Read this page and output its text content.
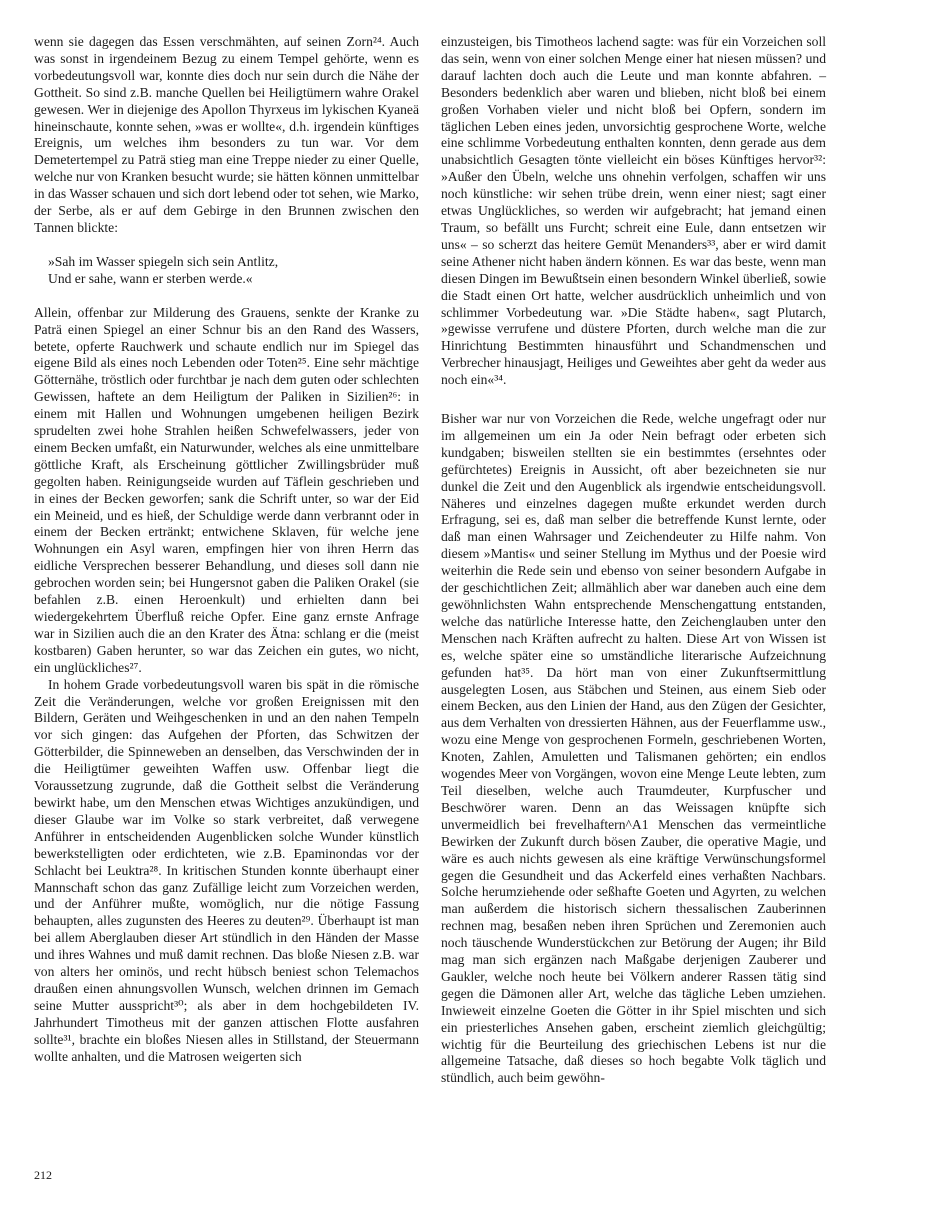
wenn sie dagegen das Essen verschmähten, auf seinen Zorn²⁴. Auch was sonst in irgendeinem Bezug zu einem Tempel gehörte, wenn es vorbedeutungsvoll war, konnte dies doch nur sein durch die Nähe der Gottheit. So sind z.B. manche Quellen bei Heiligtümern wahre Orakel gewesen. Wer in diejenige des Apollon Thyrxeus im lykischen Kyaneä hineinschaute, konnte sehen, »was er wollte«, d.h. irgendein künftiges Ereignis, um welches ihm besonders zu tun war. Vor dem Demetertempel zu Paträ stieg man eine Treppe nieder zu einer Quelle, welche nur von Kranken besucht wurde; sie hätten können unmittelbar in das Wasser schauen und sich dort lebend oder tot sehen, wie Marko, der Serbe, als er auf dem Gebirge in den Brunnen zwischen den Tannen blickte:

»Sah im Wasser spiegeln sich sein Antlitz,
Und er sahe, wann er sterben werde.«

Allein, offenbar zur Milderung des Grauens, senkte der Kranke zu Paträ einen Spiegel an einer Schnur bis an den Rand des Wassers, betete, opferte Rauchwerk und schaute endlich nur im Spiegel das eigene Bild als eines noch Lebenden oder Toten²⁵. Eine sehr mächtige Götternähe, tröstlich oder furchtbar je nach dem guten oder schlechten Gewissen, haftete an dem Heiligtum der Paliken in Sizilien²⁶: in einem mit Hallen und Wohnungen umgebenen heiligen Bezirk sprudelten zwei hohe Strahlen heißen Schwefelwassers, jeder von einem Becken umfaßt, ein Naturwunder, welches als eine unmittelbare göttliche Kraft, als Erscheinung göttlicher Zwillingsbrüder muß gegolten haben. Reinigungseide wurden auf Täflein geschrieben und in eines der Becken geworfen; sank die Schrift unter, so war der Eid ein Meineid, und es hieß, der Schuldige werde dann verbrannt oder in einem der Becken ertränkt; entwichene Sklaven, für welche jene Wohnungen ein Asyl waren, empfingen hier von ihren Herrn das eidliche Versprechen besserer Behandlung, und dieses soll dann nie gebrochen worden sein; bei Hungersnot gaben die Paliken Orakel (sie befahlen z.B. einen Heroenkult) und erhielten dann bei wiedergekehrtem Überfluß reiche Opfer. Eine ganz ernste Anfrage war in Sizilien auch die an den Krater des Ätna: schlang er die (meist kostbaren) Gaben herunter, so war das Zeichen ein gutes, wo nicht, ein unglückliches²⁷.

In hohem Grade vorbedeutungsvoll waren bis spät in die römische Zeit die Veränderungen, welche vor großen Ereignissen mit den Bildern, Geräten und Weihgeschenken in und an den nahen Tempeln vor sich gingen: das Aufgehen der Pforten, das Schwitzen der Götterbilder, die Spinneweben an denselben, das Verschwinden der in die Heiligtümer geweihten Waffen usw. Offenbar liegt die Voraussetzung zugrunde, daß die Gottheit selbst die Veränderung bewirkt habe, um den Menschen etwas Wichtiges anzukündigen, und dieser Glaube war im Volke so stark verbreitet, daß verwegene Anführer in entscheidenden Augenblicken solche Wunder künstlich bewerkstelligten oder erdichteten, wie z.B. Epaminondas vor der Schlacht bei Leuktra²⁸. In kritischen Stunden konnte überhaupt einer Mannschaft schon das ganz Zufällige leicht zum Vorzeichen werden, und der Anführer mußte, womöglich, nur die nötige Fassung behaupten, alles zugunsten des Heeres zu deuten²⁹. Überhaupt ist man bei allem Aberglauben dieser Art stündlich in den Händen der Masse und ihres Wahnes und muß damit rechnen. Das bloße Niesen z.B. war von alters her ominös, und recht hübsch beniest schon Telemachos draußen einen ahnungsvollen Wunsch, welchen drinnen im Gemach seine Mutter ausspricht³⁰; als aber in dem hochgebildeten IV. Jahrhundert Timotheus mit der ganzen attischen Flotte ausfahren sollte³¹, brachte ein bloßes Niesen alles in Stillstand, der Steuermann wollte anhalten, und die Matrosen weigerten sich

einzusteigen, bis Timotheos lachend sagte: was für ein Vorzeichen soll das sein, wenn von einer solchen Menge einer hat niesen müssen? und darauf lachten doch auch die Leute und man konnte abfahren. – Besonders bedenklich aber waren und blieben, nicht bloß bei einem großen Vorhaben vieler und nicht bloß bei Opfern, sondern im täglichen Leben eines jeden, unvorsichtig gesprochene Worte, welche eine schlimme Vorbedeutung enthalten konnten, denn gerade aus dem unabsichtlich Gesagten tönte vielleicht ein böses Künftiges hervor³²: »Außer den Übeln, welche uns ohnehin verfolgen, schaffen wir uns noch künstliche: wir sehen trübe drein, wenn einer niest; sagt einer etwas Unglückliches, so werden wir aufgebracht; hat jemand einen Traum, so befällt uns Furcht; schreit eine Eule, dann entsetzen wir uns« – so scherzt das heitere Gemüt Menanders³³, aber er wird damit seine Athener nicht haben ändern können. Es war das beste, wenn man diesen Dingen im Bewußtsein einen besondern Winkel überließ, sowie die Stadt einen Ort hatte, welcher ausdrücklich unheimlich und von schlimmer Vorbedeutung war. »Die Städte haben«, sagt Plutarch, »gewisse verrufene und düstere Pforten, durch welche man die zur Hinrichtung Bestimmten hinausführt und Schandmenschen und Verbrecher hinausjagt, Heiliges und Geweihtes aber geht da weder aus noch ein«³⁴.

Bisher war nur von Vorzeichen die Rede, welche ungefragt oder nur im allgemeinen um ein Ja oder Nein befragt oder erbeten sich kundgaben; bisweilen stellten sie ein bestimmtes (ersehntes oder gefürchtetes) Ereignis in Aussicht, oft aber bezeichneten sie nur dunkel die Zeit und den Augenblick als irgendwie entscheidungsvoll. Näheres und einzelnes dagegen mußte erkundet werden durch Erfragung, sei es, daß man selber die betreffende Kunst lernte, oder daß man einen Wahrsager und Zeichendeuter zu Hilfe nahm. Von diesem »Mantis« und seiner Stellung im Mythus und der Poesie wird weiterhin die Rede sein und ebenso von seiner besondern Aufgabe in der geschichtlichen Zeit; allmählich aber war daneben auch eine dem gewöhnlichsten Wahn entsprechende Menschengattung entstanden, welche das natürliche Interesse hatte, den Zeichenglauben unter den Menschen nach Kräften aufrecht zu halten. Diese Art von Wissen ist es, welche später eine so umständliche literarische Aufzeichnung gefunden hat³⁵. Da hört man von einer Zukunftsermittlung ausgelegten Losen, aus Stäbchen und Steinen, aus einem Sieb oder einem Becken, aus den Linien der Hand, aus den Zügen der Gesichter, aus dem Verhalten von dressierten Hähnen, aus der Feuerflamme usw., wozu eine Menge von gesprochenen Formeln, geschriebenen Worten, Knoten, Zahlen, Amuletten und Talismanen gehörten; ein endlos wogendes Meer von Vorgängen, wovon eine Menge Leute lebten, zum Teil dieselben, welche auch Traumdeuter, Kurpfuscher und Beschwörer waren. Denn an das Weissagen knüpfte sich unvermeidlich bei frevelhaftern^A1 Menschen das vermeintliche Bewirken der Zukunft durch bösen Zauber, die operative Magie, und wäre es auch nichts gewesen als eine kräftige Verwünschungsformel gegen die Gesundheit und das Ackerfeld eines verhaßten Nachbars. Solche herumziehende oder seßhafte Goeten und Agyrten, zu welchen man außerdem die historisch sichern thessalischen Zauberinnen rechnen mag, besaßen neben ihren Sprüchen und Zeremonien auch noch täuschende Wunderstückchen zur Betörung der Augen; ihr Bild mag man sich ergänzen nach Maßgabe derjenigen Zauberer und Gaukler, welche noch heute bei Völkern anderer Rassen tätig sind gegen die Dämonen aller Art, welche das tägliche Leben umziehen. Inwieweit einzelne Goeten die Götter in ihr Spiel mischten und sich ein priesterliches Ansehen gaben, erscheint ziemlich gleichgültig; wichtig für die Beurteilung des griechischen Lebens ist nur die allgemeine Tatsache, daß dieses so hoch begabte Volk täglich und stündlich, auch beim gewöhn-

212
